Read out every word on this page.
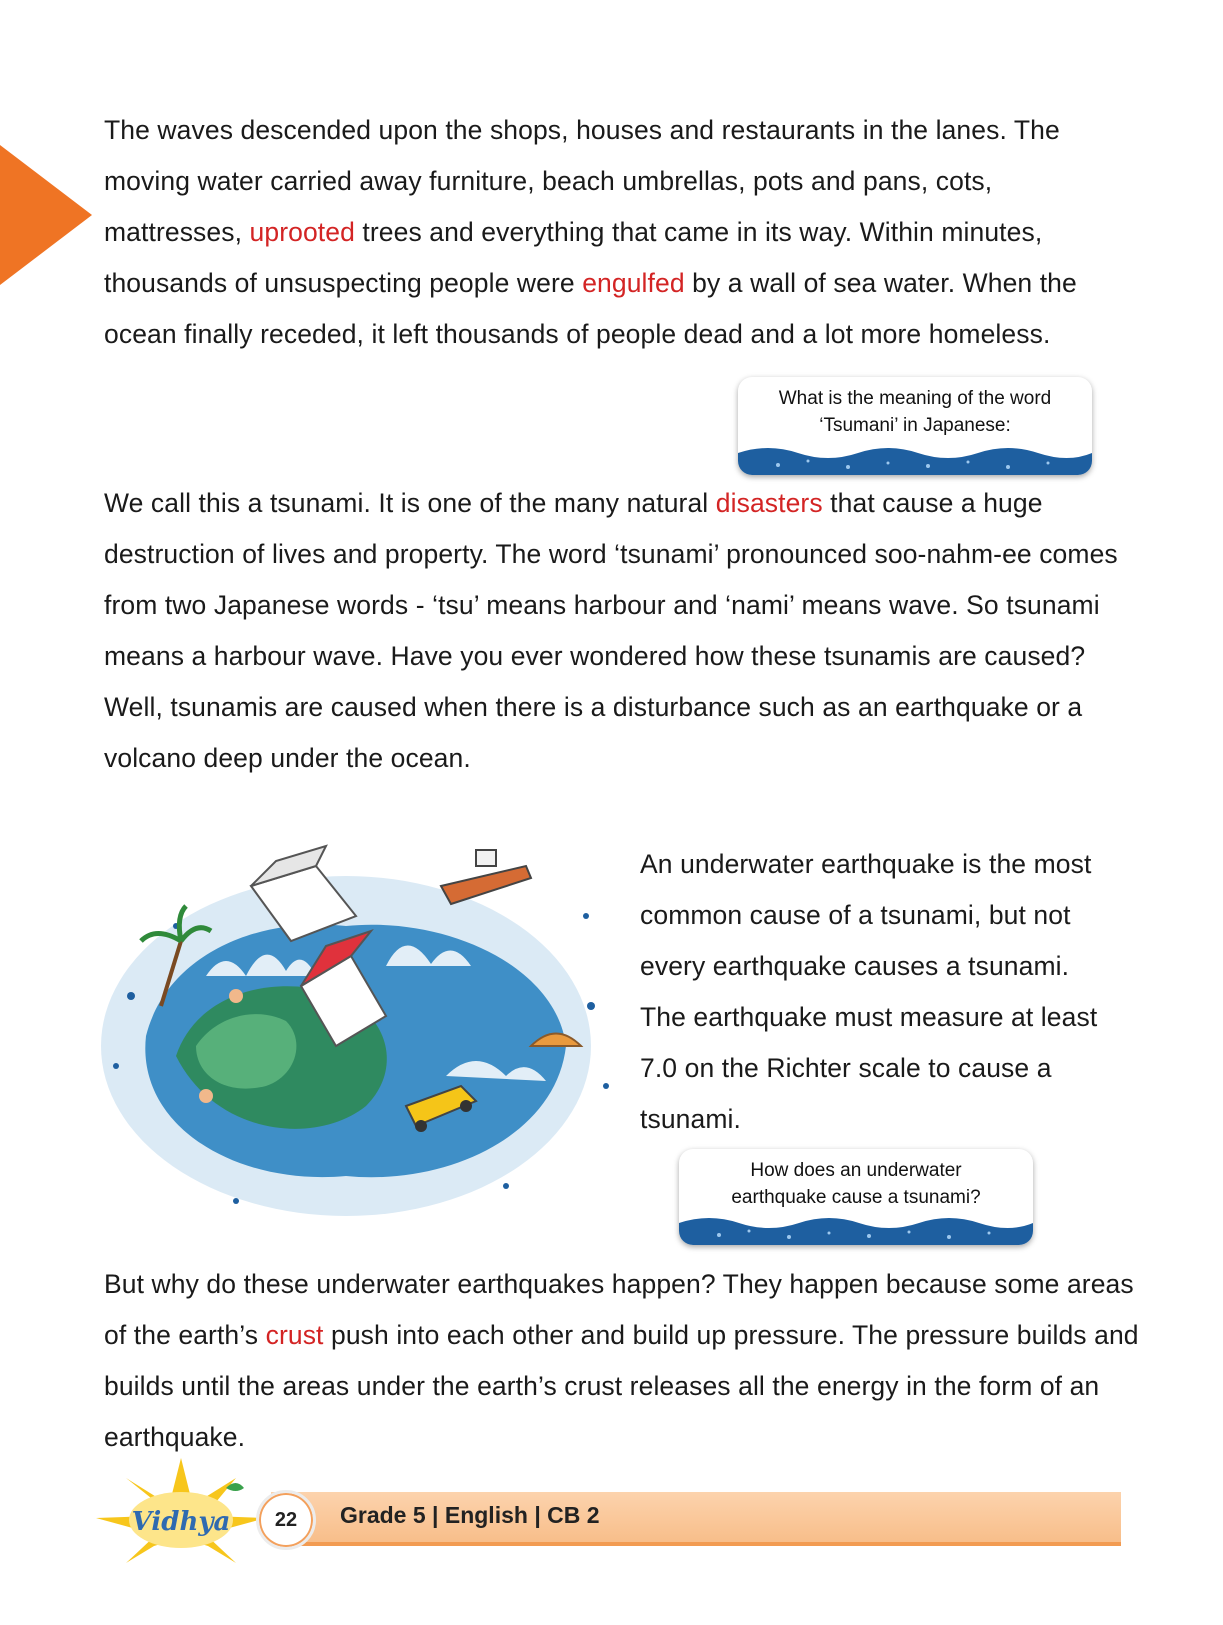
The waves descended upon the shops, houses and restaurants in the lanes. The moving water carried away furniture, beach umbrellas, pots and pans, cots, mattresses, uprooted trees and everything that came in its way. Within minutes, thousands of unsuspecting people were engulfed by a wall of sea water. When the ocean finally receded, it left thousands of people dead and a lot more homeless.

What is the meaning of the word
‘Tsumani’ in Japanese:

We call this a tsunami. It is one of the many natural disasters that cause a huge destruction of lives and property. The word ‘tsunami’ pronounced soo-nahm-ee comes from two Japanese words - ‘tsu’ means harbour and ‘nami’ means wave. So tsunami means a harbour wave. Have you ever wondered how these tsunamis are caused? Well, tsunamis are caused when there is a disturbance such as an earthquake or a volcano deep under the ocean.

An underwater earthquake is the most common cause of a tsunami, but not every earthquake causes a tsunami. The earthquake must measure at least 7.0 on the Richter scale to cause a tsunami.

How does an underwater
earthquake cause a tsunami?

But why do these underwater earthquakes happen? They happen because some areas of the earth’s crust push into each other and build up pressure. The pressure builds and builds until the areas under the earth’s crust releases all the energy in the form of an earthquake.

Vidhya 22 Grade 5 | English | CB 2
